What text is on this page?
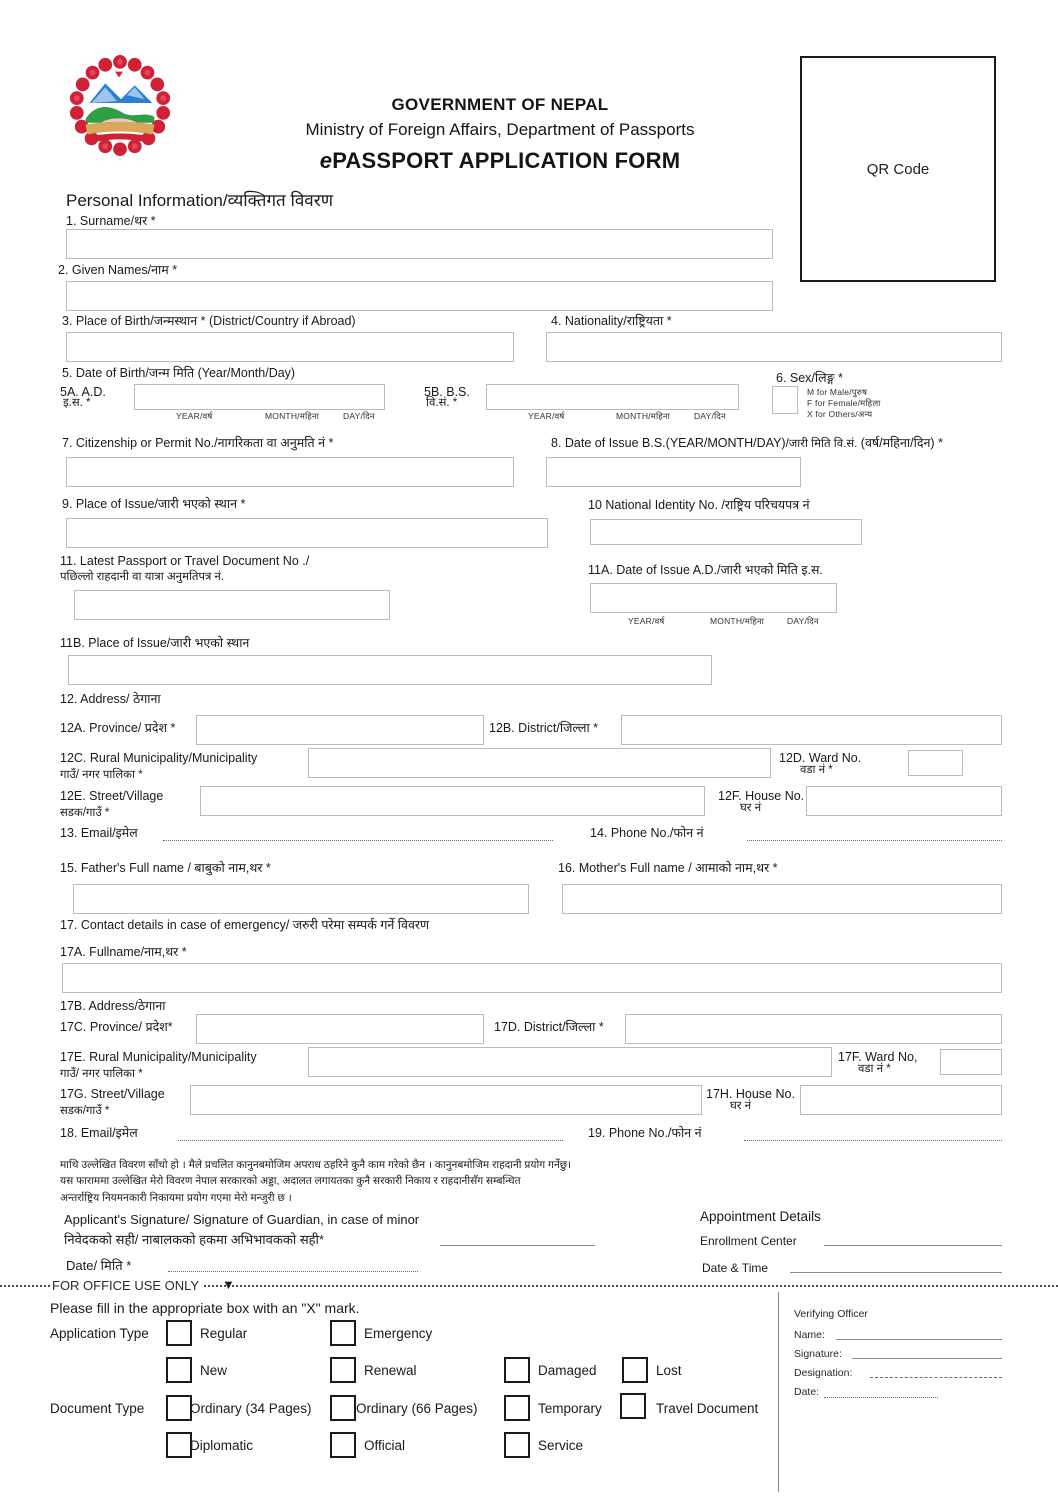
GOVERNMENT OF NEPAL
Ministry of Foreign Affairs, Department of Passports
ePASSPORT APPLICATION FORM	QR Code
Personal Information/व्यक्तिगत विवरण
1. Surname/थर *
2. Given Names/नाम *
3. Place of Birth/जन्मस्थान * (District/Country if Abroad)	4. Nationality/राष्ट्रियता *
5. Date of Birth/जन्म मिति (Year/Month/Day)
5A. A.D.
इ.स. *
YEAR/वर्ष	MONTH/महिना	DAY/दिन
5B. B.S.
वि.सं. *
YEAR/वर्ष	MONTH/महिना	DAY/दिन
6. Sex/लिङ्ग *
M for Male/पुरुष
F for Female/महिला
X for Others/अन्य
7. Citizenship or Permit No./नागरिकता वा अनुमति नं *	8. Date of Issue B.S.(YEAR/MONTH/DAY)/जारी मिति वि.सं. (वर्ष/महिना/दिन) *
9. Place of Issue/जारी भएको स्थान *	10 National Identity No. /राष्ट्रिय परिचयपत्र नं
11. Latest Passport or Travel Document No ./
पछिल्लो राहदानी वा यात्रा अनुमतिपत्र नं.	11A. Date of Issue A.D./जारी भएको मिति इ.स.
YEAR/वर्ष	MONTH/महिना	DAY/दिन
11B. Place of Issue/जारी भएको स्थान
12. Address/ ठेगाना
12A. Province/ प्रदेश *	12B. District/जिल्ला *
12C. Rural Municipality/Municipality
गाउँ/ नगर पालिका *
12D. Ward No.
वडा नं *
12E. Street/Village
सडक/गाउँ *
12F. House No.
घर नं
13. Email/इमेल	14. Phone No./फोन नं
15. Father's Full name / बाबुको नाम,थर *	16. Mother's Full name / आमाको नाम,थर *
17. Contact details in case of emergency/ जरुरी परेमा सम्पर्क गर्ने विवरण
17A. Fullname/नाम,थर *
17B. Address/ठेगाना
17C. Province/ प्रदेश*	17D. District/जिल्ला *
17E. Rural Municipality/Municipality
गाउँ/ नगर पालिका *
17F. Ward No,
वडा नं *
17G. Street/Village
सडक/गाउँ *
17H. House No.
घर नं
18. Email/इमेल	19. Phone No./फोन नं
माथि उल्लेखित विवरण साँचो हो । मैले प्रचलित कानुनबमोजिम अपराध ठहरिने कुनै काम गरेको छैन । कानुनबमोजिम राहदानी प्रयोग गर्नेछु।
यस फाराममा उल्लेखित मेरो विवरण नेपाल सरकारको अड्डा, अदालत लगायतका कुनै सरकारी निकाय र राहदानीसँग सम्बन्धित
अन्तर्राष्ट्रिय नियमनकारी निकायमा प्रयोग गएमा मेरो मन्जुरी छ ।
Applicant's Signature/ Signature of Guardian, in case of minor
निवेदकको सही/ नाबालकको हकमा अभिभावकको सही*
Date/ मिति *
Appointment Details
Enrollment Center
Date & Time
FOR OFFICE USE ONLY	▼
Please fill in the appropriate box with an "X" mark.
Application Type	Regular	Emergency
New	Renewal	Damaged	Lost
Document Type	Ordinary (34 Pages)	Ordinary (66 Pages)	Temporary	Travel Document
Diplomatic	Official	Service
Verifying Officer
Name:
Signature:
Designation:
Date:
